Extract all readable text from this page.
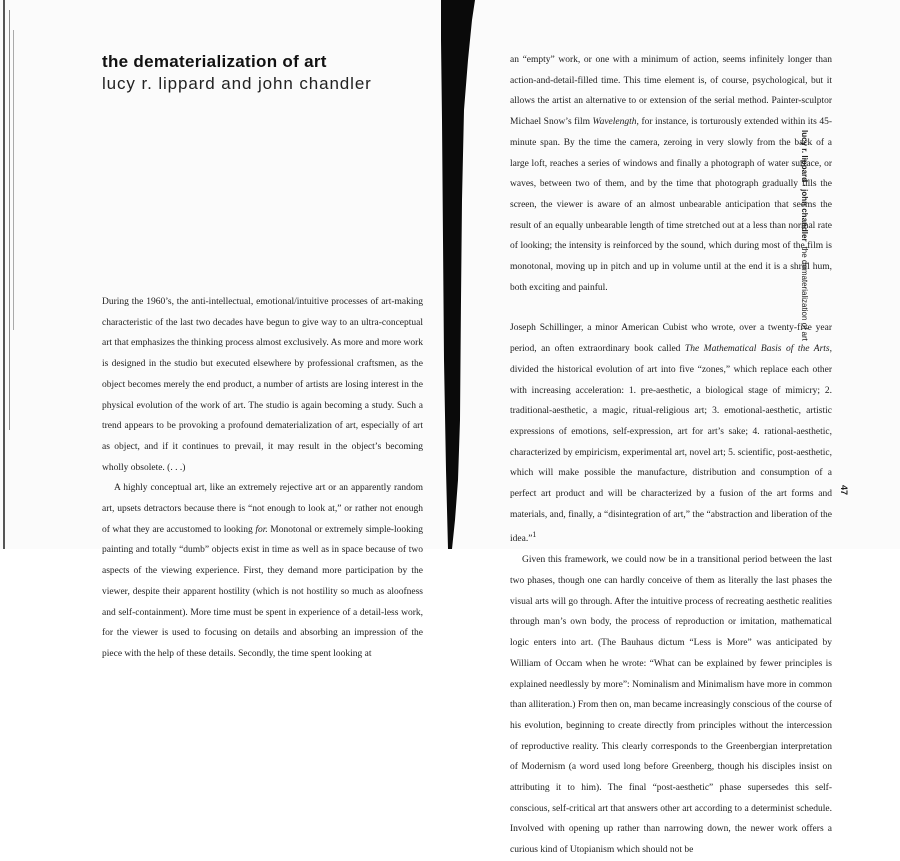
the dematerialization of art
lucy r. lippard and john chandler

During the 1960’s, the anti-intellectual, emotional/intuitive processes of art-making characteristic of the last two decades have begun to give way to an ultra-conceptual art that emphasizes the thinking process almost exclusively. As more and more work is designed in the studio but executed elsewhere by professional craftsmen, as the object becomes merely the end product, a number of artists are losing interest in the physical evolution of the work of art. The studio is again becoming a study. Such a trend appears to be provoking a profound dematerialization of art, especially of art as object, and if it continues to prevail, it may result in the object’s becoming wholly obsolete. (. . .)

A highly conceptual art, like an extremely rejective art or an apparently random art, upsets detractors because there is “not enough to look at,” or rather not enough of what they are accustomed to looking for. Monotonal or extremely simple-looking painting and totally “dumb” objects exist in time as well as in space because of two aspects of the viewing experience. First, they demand more participation by the viewer, despite their apparent hostility (which is not hostility so much as aloofness and self-containment). More time must be spent in experience of a detail-less work, for the viewer is used to focusing on details and absorbing an impression of the piece with the help of these details. Secondly, the time spent looking at

an “empty” work, or one with a minimum of action, seems infinitely longer than action-and-detail-filled time. This time element is, of course, psychological, but it allows the artist an alternative to or extension of the serial method. Painter-sculptor Michael Snow’s film Wavelength, for instance, is torturously extended within its 45-minute span. By the time the camera, zeroing in very slowly from the back of a large loft, reaches a series of windows and finally a photograph of water surface, or waves, between two of them, and by the time that photograph gradually fills the screen, the viewer is aware of an almost unbearable anticipation that seems the result of an equally unbearable length of time stretched out at a less than normal rate of looking; the intensity is reinforced by the sound, which during most of the film is monotonal, moving up in pitch and up in volume until at the end it is a shrill hum, both exciting and painful.

Joseph Schillinger, a minor American Cubist who wrote, over a twenty-five year period, an often extraordinary book called The Mathematical Basis of the Arts, divided the historical evolution of art into five “zones,” which replace each other with increasing acceleration: 1. pre-aesthetic, a biological stage of mimicry; 2. traditional-aesthetic, a magic, ritual-religious art; 3. emotional-aesthetic, artistic expressions of emotions, self-expression, art for art’s sake; 4. rational-aesthetic, characterized by empiricism, experimental art, novel art; 5. scientific, post-aesthetic, which will make possible the manufacture, distribution and consumption of a perfect art product and will be characterized by a fusion of the art forms and materials, and, finally, a “disintegration of art,” the “abstraction and liberation of the idea.”$^1$

Given this framework, we could now be in a transitional period between the last two phases, though one can hardly conceive of them as literally the last phases the visual arts will go through. After the intuitive process of recreating aesthetic realities through man’s own body, the process of reproduction or imitation, mathematical logic enters into art. (The Bauhaus dictum “Less is More” was anticipated by William of Occam when he wrote: “What can be explained by fewer principles is explained needlessly by more”: Nominalism and Minimalism have more in common than alliteration.) From then on, man became increasingly conscious of the course of his evolution, beginning to create directly from principles without the intercession of reproductive reality. This clearly corresponds to the Greenbergian interpretation of Modernism (a word used long before Greenberg, though his disciples insist on attributing it to him). The final “post-aesthetic” phase supersedes this self-conscious, self-critical art that answers other art according to a determinist schedule. Involved with opening up rather than narrowing down, the newer work offers a curious kind of Utopianism which should not be

lucy r. lippard · john chandlerthe dematerialization of art
47
